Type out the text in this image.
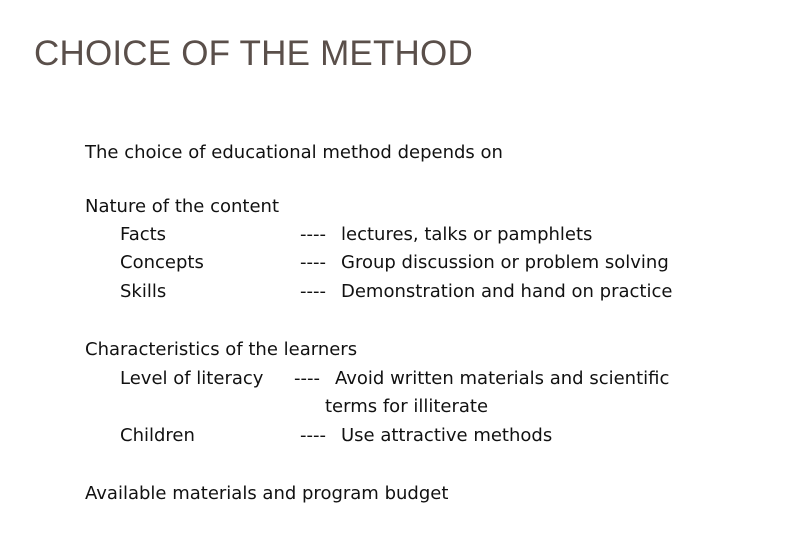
CHOICE OF THE METHOD
The choice of educational method depends on
Nature of the content
Facts	---- lectures, talks or pamphlets
Concepts	---- Group discussion or problem solving
Skills	---- Demonstration and hand on practice
Characteristics of the learners
Level of literacy ---- Avoid written materials and scientific
terms for illiterate
Children	---- Use attractive methods
Available materials and program budget
